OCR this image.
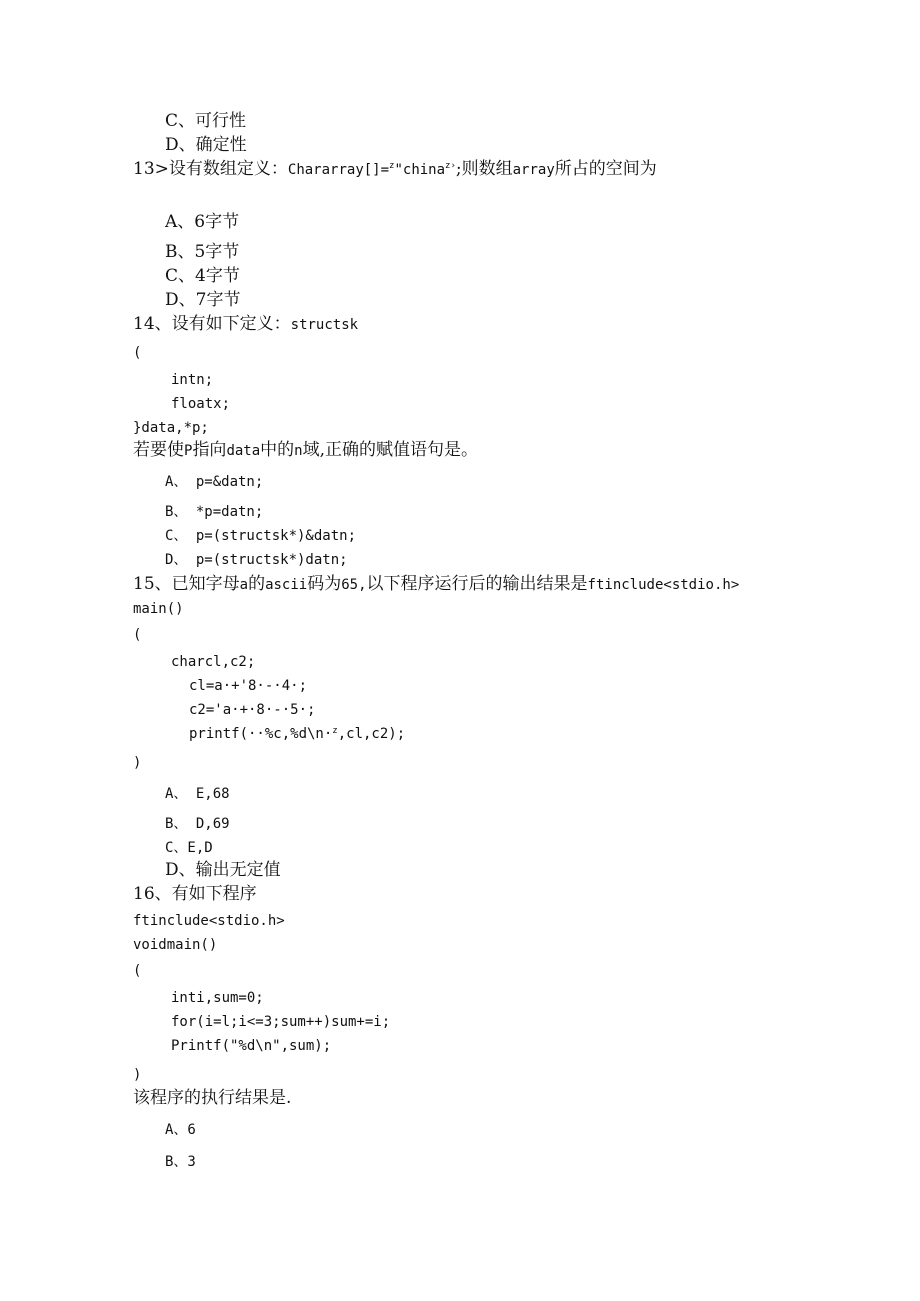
C、可行性
D、确定性
13>设有数组定义：Chararray[]=$^z$"china$^{z›}$;则数组array所占的空间为
A、6字节
B、5字节
C、4字节
D、7字节
14、设有如下定义：structsk
(
intn;
floatx;
}data,*p;
若要使P指向data中的n域,正确的赋值语句是。
A、 p=&datn;
B、 *p=datn;
C、 p=(structsk*)&datn;
D、 p=(structsk*)datn;
15、已知字母a的ascii码为65,以下程序运行后的输出结果是ftinclude<stdio.h>
main()
(
charcl,c2;
cl=a·+'8·-·4·;
c2='a·+·8·-·5·;
printf(··%c,%d\n·$^z$,cl,c2);
)
A、 E,68
B、 D,69
C、E,D
D、输出无定值
16、有如下程序
ftinclude<stdio.h>
voidmain()
(
inti,sum=0;
for(i=l;i<=3;sum++)sum+=i;
Printf("%d\n",sum);
)
该程序的执行结果是.
A、6
B、3
